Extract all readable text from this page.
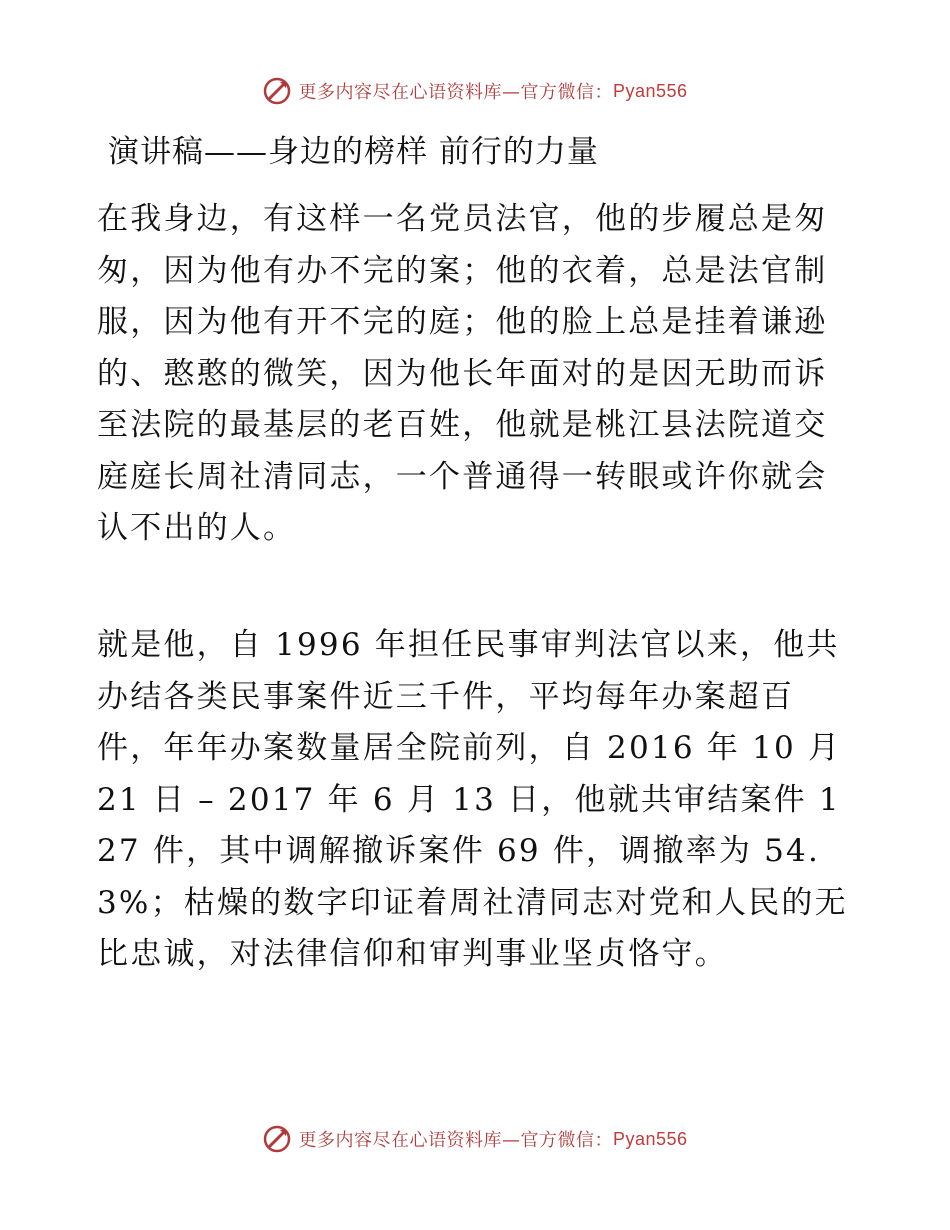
更多内容尽在心语资料库—官方微信： Pyan556
演讲稿——身边的榜样 前行的力量

在我身边，有这样一名党员法官，他的步履总是匆匆，因为他有办不完的案；他的衣着，总是法官制服，因为他有开不完的庭；他的脸上总是挂着谦逊的、憨憨的微笑，因为他长年面对的是因无助而诉至法院的最基层的老百姓，他就是桃江县法院道交庭庭长周社清同志，一个普通得一转眼或许你就会认不出的人。

就是他，自 1996 年担任民事审判法官以来，他共办结各类民事案件近三千件，平均每年办案超百件，年年办案数量居全院前列，自 2016 年 10 月 21 日 – 2017 年 6 月 13 日，他就共审结案件 127 件，其中调解撤诉案件 69 件，调撤率为 54.3%；枯燥的数字印证着周社清同志对党和人民的无比忠诚，对法律信仰和审判事业坚贞恪守。

更多内容尽在心语资料库—官方微信： Pyan556
